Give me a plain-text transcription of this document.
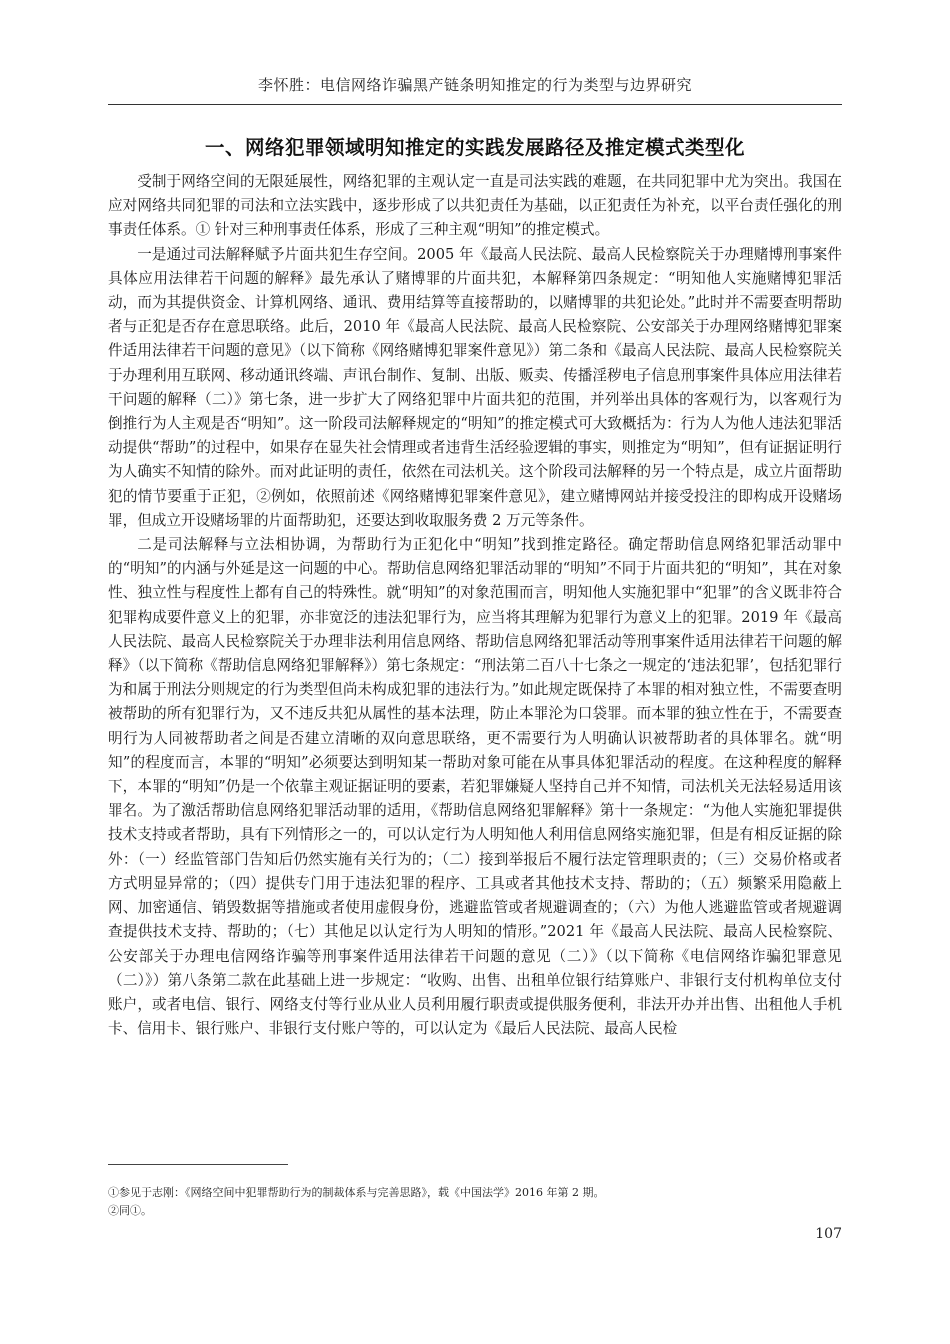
李怀胜：电信网络诈骗黑产链条明知推定的行为类型与边界研究
一、网络犯罪领域明知推定的实践发展路径及推定模式类型化

受制于网络空间的无限延展性，网络犯罪的主观认定一直是司法实践的难题，在共同犯罪中尤为突出。我国在应对网络共同犯罪的司法和立法实践中，逐步形成了以共犯责任为基础，以正犯责任为补充，以平台责任强化的刑事责任体系。① 针对三种刑事责任体系，形成了三种主观“明知”的推定模式。

一是通过司法解释赋予片面共犯生存空间。2005 年《最高人民法院、最高人民检察院关于办理赌博刑事案件具体应用法律若干问题的解释》最先承认了赌博罪的片面共犯，本解释第四条规定：“明知他人实施赌博犯罪活动，而为其提供资金、计算机网络、通讯、费用结算等直接帮助的，以赌博罪的共犯论处。”此时并不需要查明帮助者与正犯是否存在意思联络。此后，2010 年《最高人民法院、最高人民检察院、公安部关于办理网络赌博犯罪案件适用法律若干问题的意见》（以下简称《网络赌博犯罪案件意见》）第二条和《最高人民法院、最高人民检察院关于办理利用互联网、移动通讯终端、声讯台制作、复制、出版、贩卖、传播淫秽电子信息刑事案件具体应用法律若干问题的解释（二）》第七条，进一步扩大了网络犯罪中片面共犯的范围，并列举出具体的客观行为，以客观行为倒推行为人主观是否“明知”。这一阶段司法解释规定的“明知”的推定模式可大致概括为：行为人为他人违法犯罪活动提供“帮助”的过程中，如果存在显失社会情理或者违背生活经验逻辑的事实，则推定为“明知”，但有证据证明行为人确实不知情的除外。而对此证明的责任，依然在司法机关。这个阶段司法解释的另一个特点是，成立片面帮助犯的情节要重于正犯，②例如，依照前述《网络赌博犯罪案件意见》，建立赌博网站并接受投注的即构成开设赌场罪，但成立开设赌场罪的片面帮助犯，还要达到收取服务费 2 万元等条件。

二是司法解释与立法相协调，为帮助行为正犯化中“明知”找到推定路径。确定帮助信息网络犯罪活动罪中的“明知”的内涵与外延是这一问题的中心。帮助信息网络犯罪活动罪的“明知”不同于片面共犯的“明知”，其在对象性、独立性与程度性上都有自己的特殊性。就“明知”的对象范围而言，明知他人实施犯罪中“犯罪”的含义既非符合犯罪构成要件意义上的犯罪，亦非宽泛的违法犯罪行为，应当将其理解为犯罪行为意义上的犯罪。2019 年《最高人民法院、最高人民检察院关于办理非法利用信息网络、帮助信息网络犯罪活动等刑事案件适用法律若干问题的解释》（以下简称《帮助信息网络犯罪解释》）第七条规定：“刑法第二百八十七条之一规定的‘违法犯罪’，包括犯罪行为和属于刑法分则规定的行为类型但尚未构成犯罪的违法行为。”如此规定既保持了本罪的相对独立性，不需要查明被帮助的所有犯罪行为，又不违反共犯从属性的基本法理，防止本罪沦为口袋罪。而本罪的独立性在于，不需要查明行为人同被帮助者之间是否建立清晰的双向意思联络，更不需要行为人明确认识被帮助者的具体罪名。就“明知”的程度而言，本罪的“明知”必须要达到明知某一帮助对象可能在从事具体犯罪活动的程度。在这种程度的解释下，本罪的“明知”仍是一个依靠主观证据证明的要素，若犯罪嫌疑人坚持自己并不知情，司法机关无法轻易适用该罪名。为了激活帮助信息网络犯罪活动罪的适用，《帮助信息网络犯罪解释》第十一条规定：“为他人实施犯罪提供技术支持或者帮助，具有下列情形之一的，可以认定行为人明知他人利用信息网络实施犯罪，但是有相反证据的除外：（一）经监管部门告知后仍然实施有关行为的；（二）接到举报后不履行法定管理职责的；（三）交易价格或者方式明显异常的；（四）提供专门用于违法犯罪的程序、工具或者其他技术支持、帮助的；（五）频繁采用隐蔽上网、加密通信、销毁数据等措施或者使用虚假身份，逃避监管或者规避调查的；（六）为他人逃避监管或者规避调查提供技术支持、帮助的；（七）其他足以认定行为人明知的情形。”2021 年《最高人民法院、最高人民检察院、公安部关于办理电信网络诈骗等刑事案件适用法律若干问题的意见（二）》（以下简称《电信网络诈骗犯罪意见（二）》）第八条第二款在此基础上进一步规定：“收购、出售、出租单位银行结算账户、非银行支付机构单位支付账户，或者电信、银行、网络支付等行业从业人员利用履行职责或提供服务便利，非法开办并出售、出租他人手机卡、信用卡、银行账户、非银行支付账户等的，可以认定为《最后人民法院、最高人民检

①参见于志刚：《网络空间中犯罪帮助行为的制裁体系与完善思路》，载《中国法学》2016 年第 2 期。
②同①。
107
